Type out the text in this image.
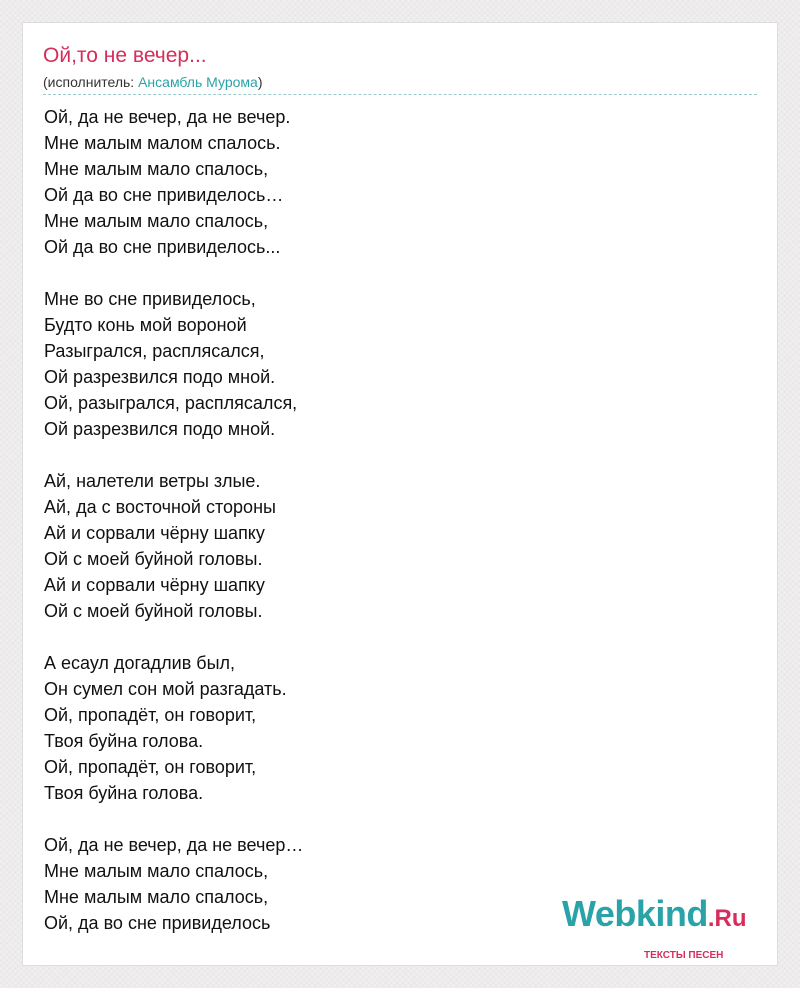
Ой,то не вечер...
(исполнитель: Ансамбль Мурома)
Ой, да не вечер, да не вечер.
Мне малым малом спалось.
Мне малым мало спалось,
Ой да во сне привиделось…
Мне малым мало спалось,
Ой да во сне привиделось...
Мне во сне привиделось,
Будто конь мой вороной
Разыгрался, расплясался,
Ой разрезвился подо мной.
Ой, разыгрался, расплясался,
Ой разрезвился подо мной.
Ай, налетели ветры злые.
Ай, да с восточной стороны
Ай и сорвали чёрну шапку
Ой с моей буйной головы.
Ай и сорвали чёрну шапку
Ой с моей буйной головы.
А есаул догадлив был,
Он сумел сон мой разгадать.
Ой, пропадёт, он говорит,
Твоя буйна голова.
Ой, пропадёт, он говорит,
Твоя буйна голова.
Ой, да не вечер, да не вечер…
Мне малым мало спалось,
Мне малым мало спалось,
Ой, да во сне привиделось	Webkind.Ru
ТЕКСТЫ ПЕСЕН
